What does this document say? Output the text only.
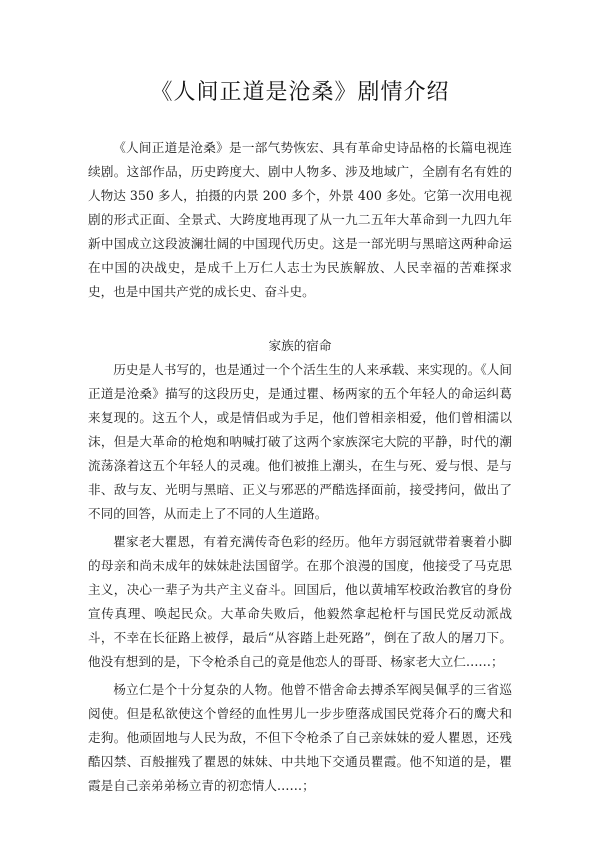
《人间正道是沧桑》剧情介绍

《人间正道是沧桑》是一部气势恢宏、具有革命史诗品格的长篇电视连续剧。这部作品，历史跨度大、剧中人物多、涉及地域广，全剧有名有姓的人物达 350 多人，拍摄的内景 200 多个，外景 400 多处。它第一次用电视剧的形式正面、全景式、大跨度地再现了从一九二五年大革命到一九四九年新中国成立这段波澜壮阔的中国现代历史。这是一部光明与黑暗这两种命运在中国的决战史，是成千上万仁人志士为民族解放、人民幸福的苦难探求史，也是中国共产党的成长史、奋斗史。

家族的宿命

历史是人书写的，也是通过一个个活生生的人来承载、来实现的。《人间正道是沧桑》描写的这段历史，是通过瞿、杨两家的五个年轻人的命运纠葛来复现的。这五个人，或是情侣或为手足，他们曾相亲相爱，他们曾相濡以沫，但是大革命的枪炮和呐喊打破了这两个家族深宅大院的平静，时代的潮流荡涤着这五个年轻人的灵魂。他们被推上潮头，在生与死、爱与恨、是与非、敌与友、光明与黑暗、正义与邪恶的严酷选择面前，接受拷问，做出了不同的回答，从而走上了不同的人生道路。

瞿家老大瞿恩，有着充满传奇色彩的经历。他年方弱冠就带着裹着小脚的母亲和尚未成年的妹妹赴法国留学。在那个浪漫的国度，他接受了马克思主义，决心一辈子为共产主义奋斗。回国后，他以黄埔军校政治教官的身份宣传真理、唤起民众。大革命失败后，他毅然拿起枪杆与国民党反动派战斗，不幸在长征路上被俘，最后“从容踏上赴死路”，倒在了敌人的屠刀下。他没有想到的是，下令枪杀自己的竟是他恋人的哥哥、杨家老大立仁……；

杨立仁是个十分复杂的人物。他曾不惜舍命去搏杀军阀吴佩孚的三省巡阅使。但是私欲使这个曾经的血性男儿一步步堕落成国民党蒋介石的鹰犬和走狗。他顽固地与人民为敌，不但下令枪杀了自己亲妹妹的爱人瞿恩，还残酷囚禁、百般摧残了瞿恩的妹妹、中共地下交通员瞿霞。他不知道的是，瞿霞是自己亲弟弟杨立青的初恋情人……；
